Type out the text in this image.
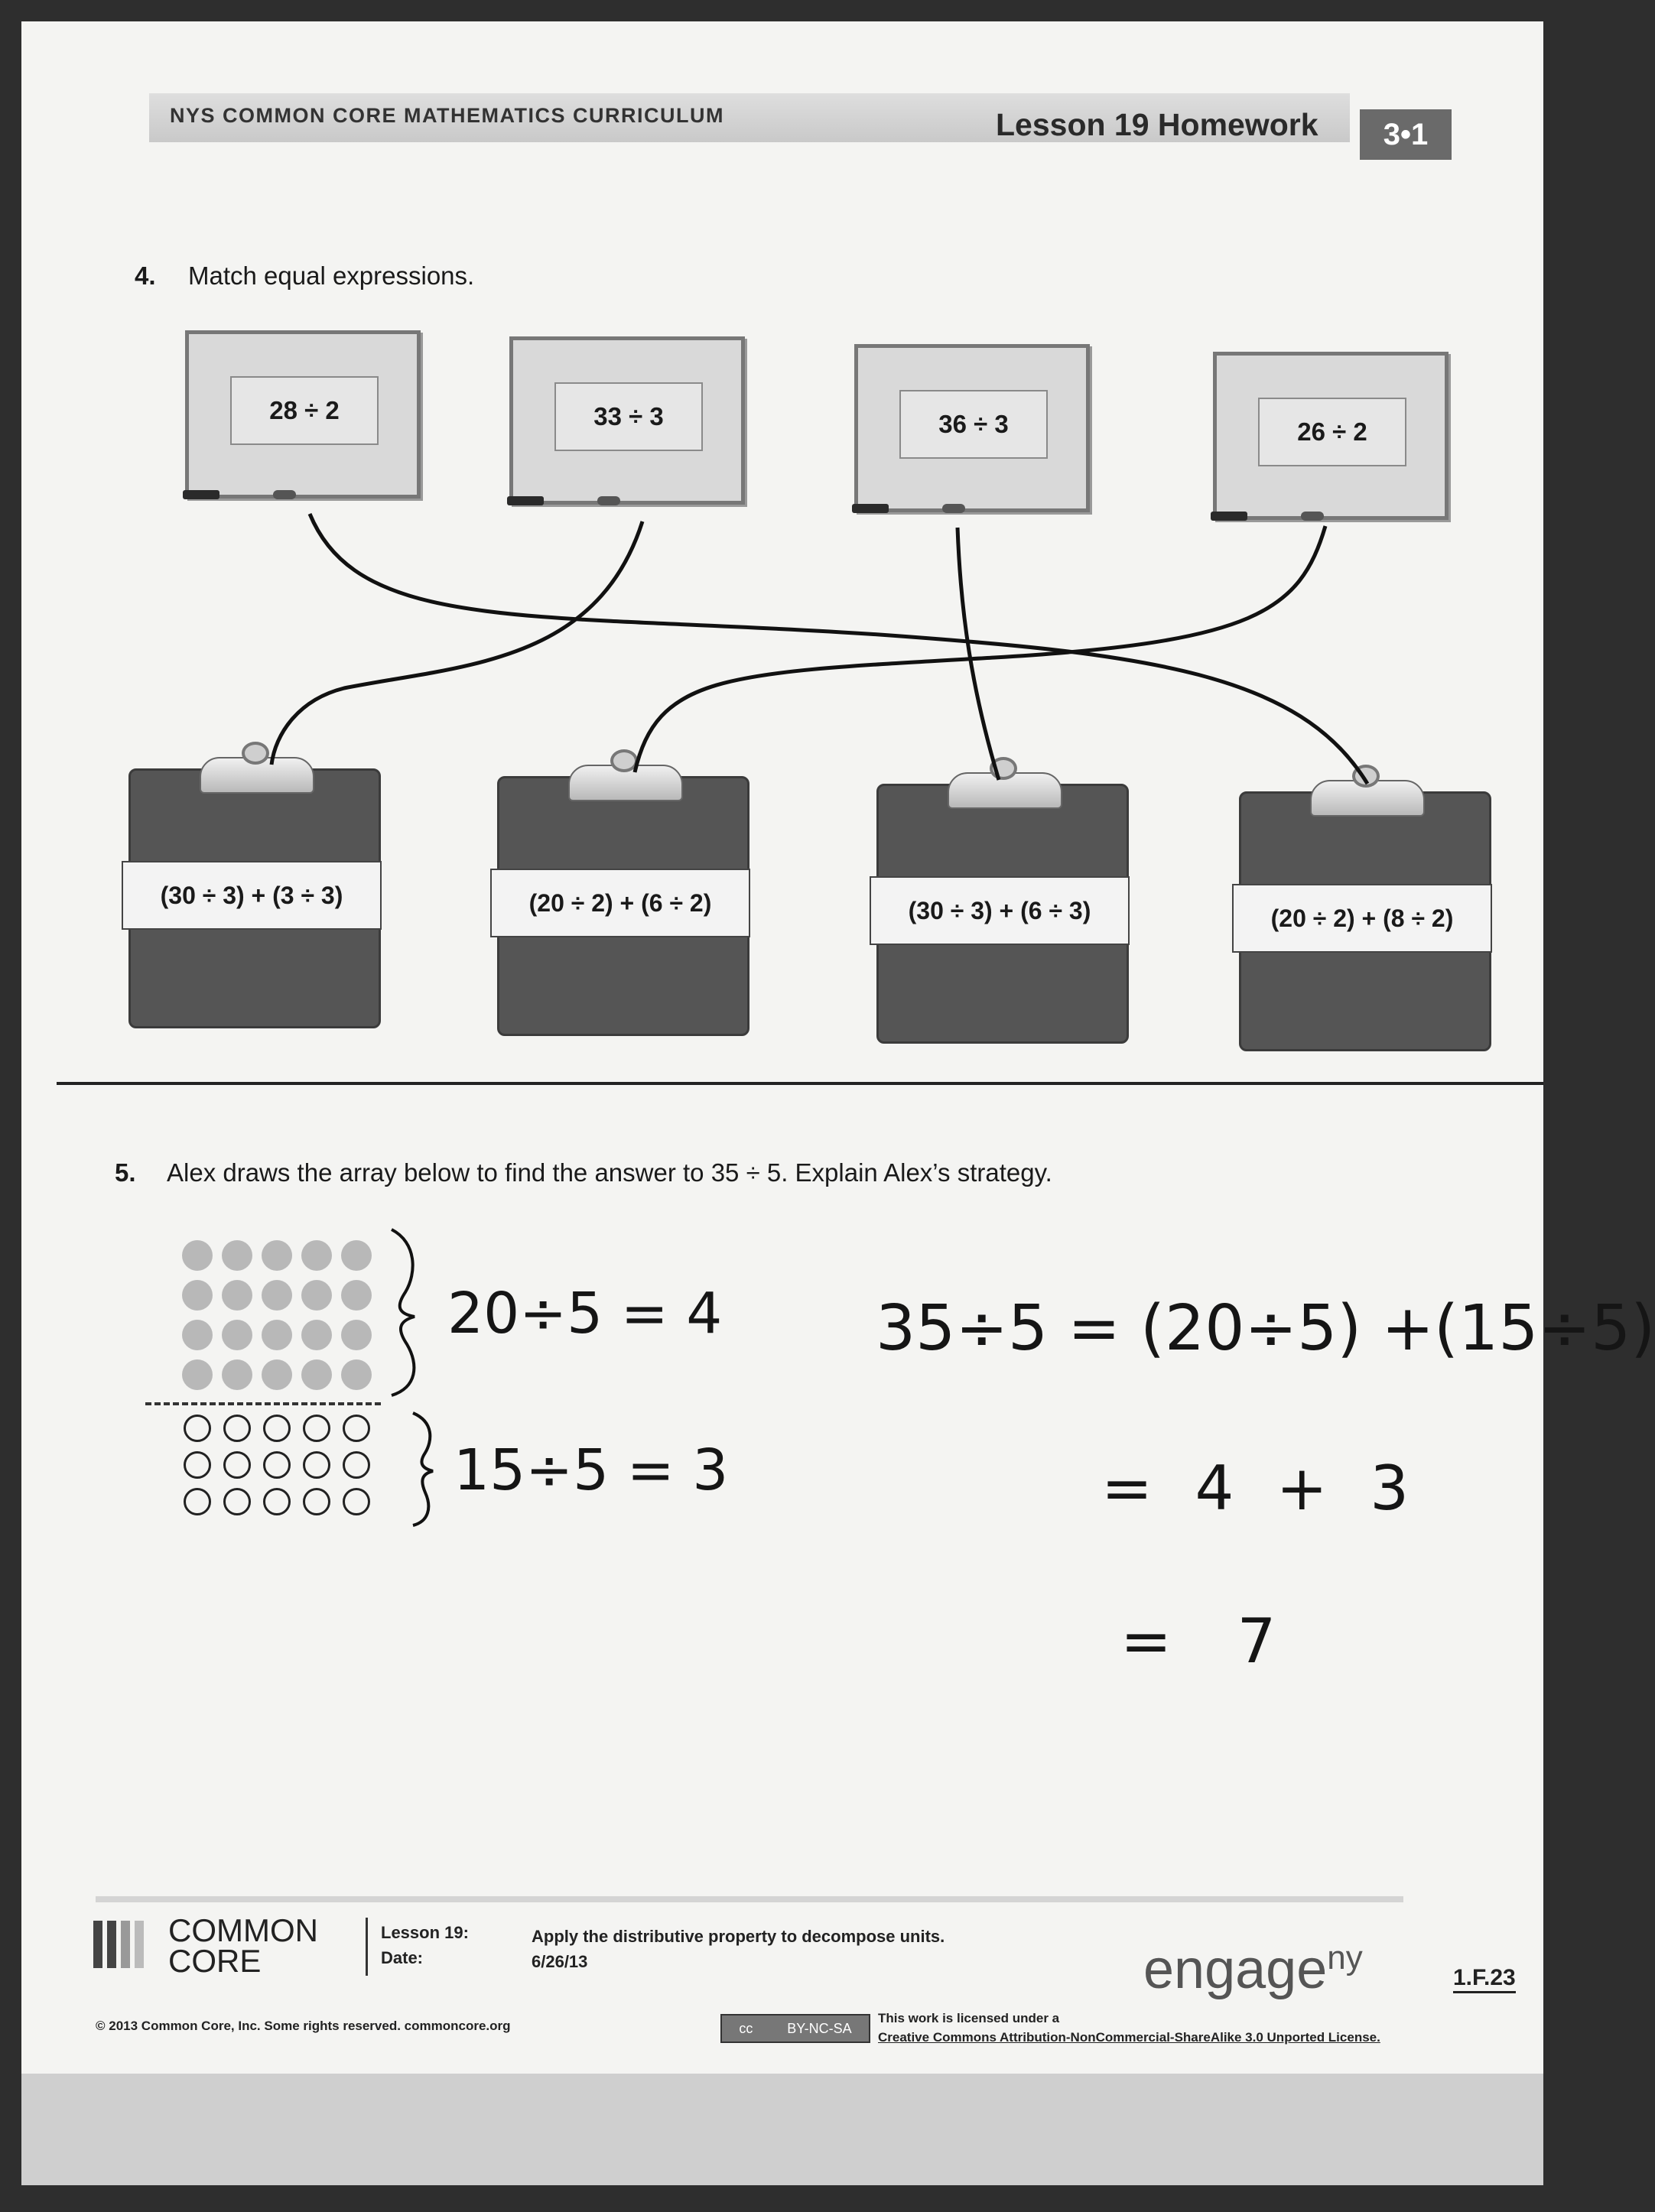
NYS COMMON CORE MATHEMATICS CURRICULUM	Lesson 19 Homework	3•1
4. Match equal expressions.
28 ÷ 2	33 ÷ 3	36 ÷ 3	26 ÷ 2
(30 ÷ 3) + (3 ÷ 3)	(20 ÷ 2) + (6 ÷ 2)	(30 ÷ 3) + (6 ÷ 3)	(20 ÷ 2) + (8 ÷ 2)
5. Alex draws the array below to find the answer to 35 ÷ 5. Explain Alex’s strategy.
20÷5 = 4
15÷5 = 3
35÷5 = (20÷5) +(15÷5)
= 4 + 3
= 7
COMMON
CORE
Lesson 19:
Date:
Apply the distributive property to decompose units.
6/26/13	engage$^{ny}$
1.F.23
© 2013 Common Core, Inc. Some rights reserved. commoncore.org	cc BY-NC-SA
This work is licensed under a
Creative Commons Attribution-NonCommercial-ShareAlike 3.0 Unported License.
